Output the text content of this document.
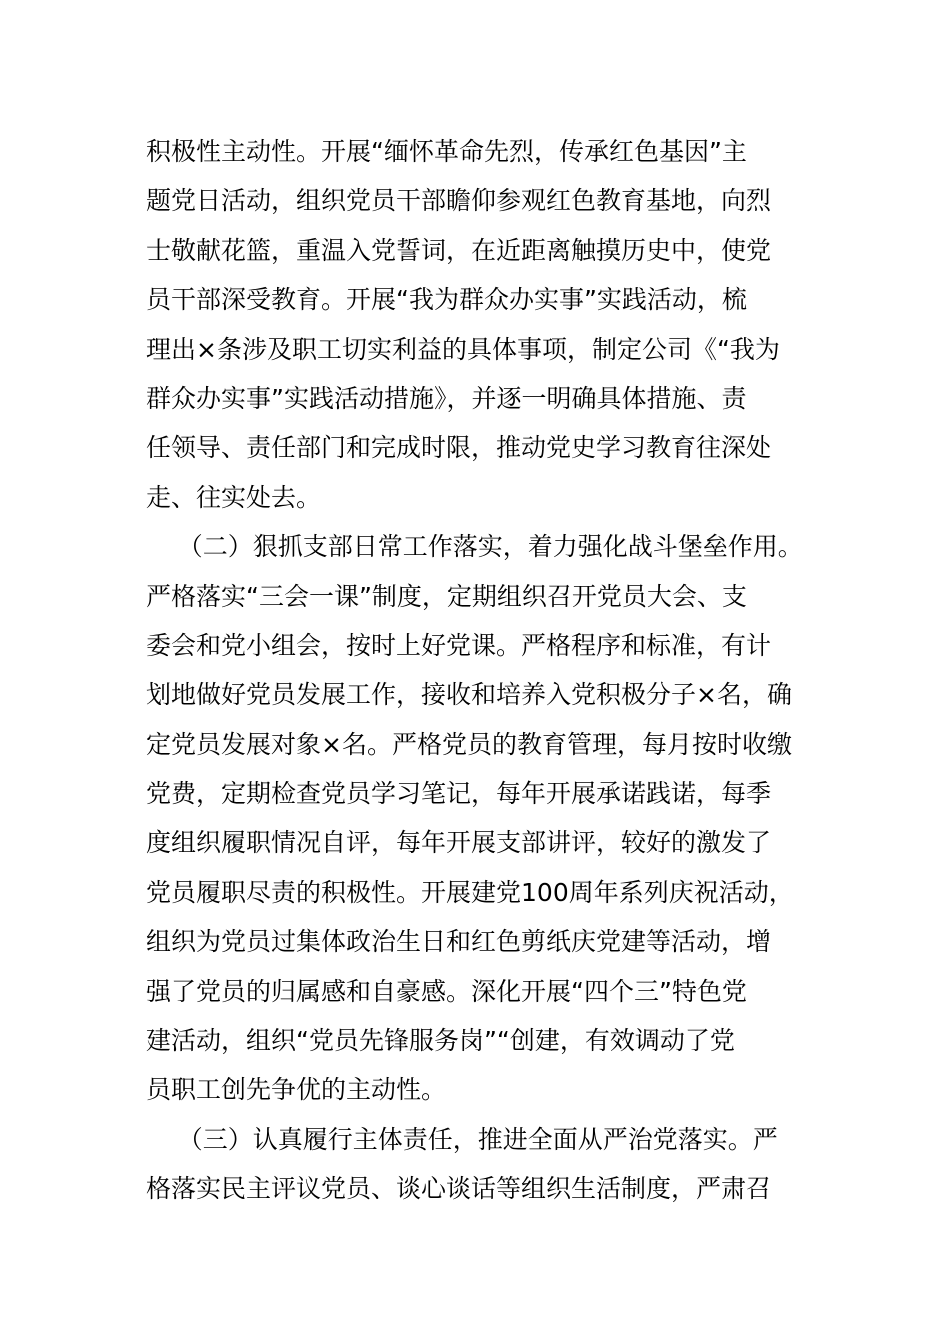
积极性主动性。开展“缅怀革命先烈，传承红色基因”主
题党日活动，组织党员干部瞻仰参观红色教育基地，向烈
士敬献花篮，重温入党誓词，在近距离触摸历史中，使党
员干部深受教育。开展“我为群众办实事”实践活动，梳
理出×条涉及职工切实利益的具体事项，制定公司《“我为
群众办实事”实践活动措施》，并逐一明确具体措施、责
任领导、责任部门和完成时限，推动党史学习教育往深处
走、往实处去。
（二）狠抓支部日常工作落实，着力强化战斗堡垒作用。
严格落实“三会一课”制度，定期组织召开党员大会、支
委会和党小组会，按时上好党课。严格程序和标准，有计
划地做好党员发展工作，接收和培养入党积极分子×名，确
定党员发展对象×名。严格党员的教育管理，每月按时收缴
党费，定期检查党员学习笔记，每年开展承诺践诺，每季
度组织履职情况自评，每年开展支部讲评，较好的激发了
党员履职尽责的积极性。开展建党100周年系列庆祝活动，
组织为党员过集体政治生日和红色剪纸庆党建等活动，增
强了党员的归属感和自豪感。深化开展“四个三”特色党
建活动，组织“党员先锋服务岗”“创建，有效调动了党
员职工创先争优的主动性。
（三）认真履行主体责任，推进全面从严治党落实。严
格落实民主评议党员、谈心谈话等组织生活制度，严肃召
